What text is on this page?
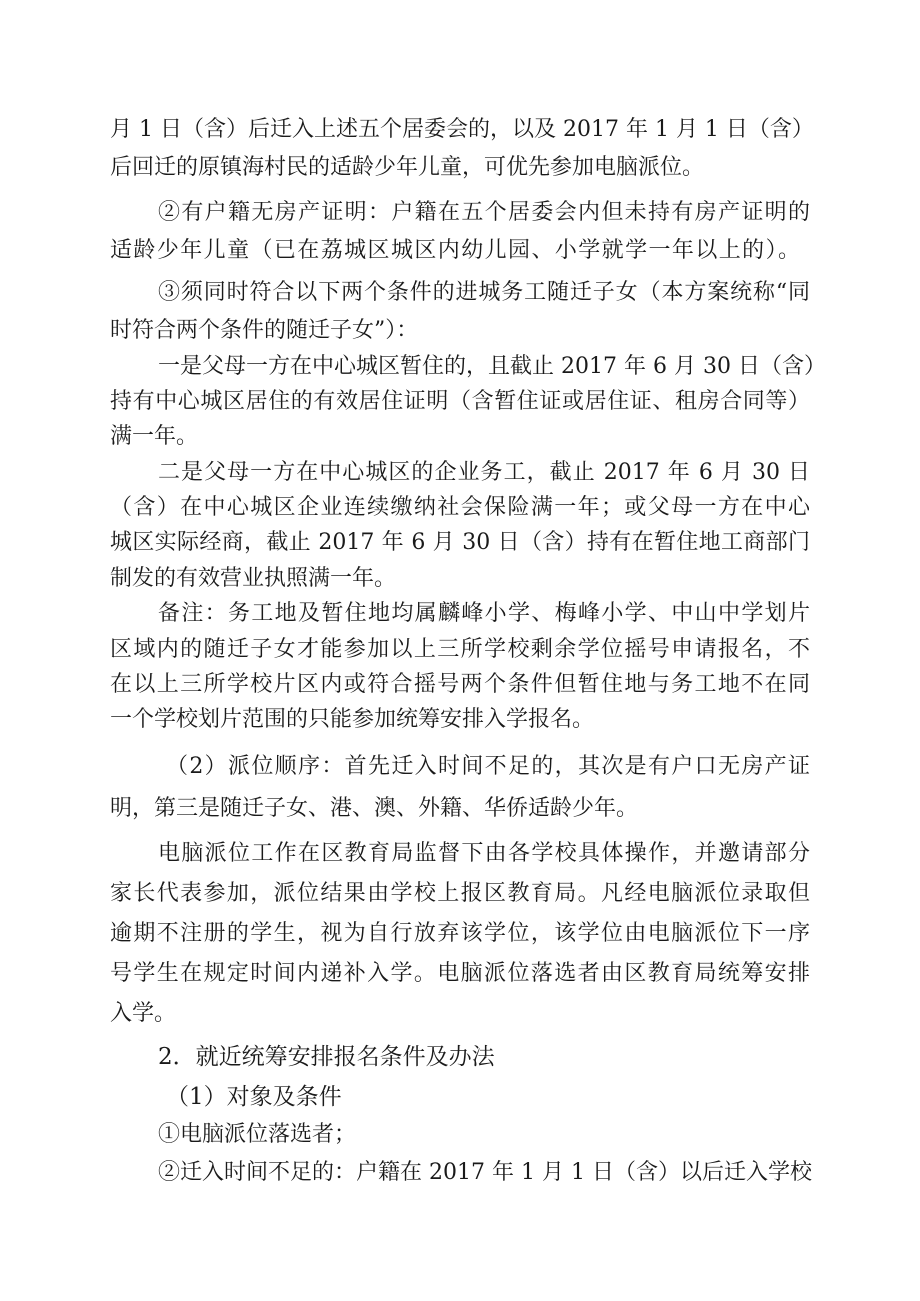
月 1 日（含）后迁入上述五个居委会的，以及 2017 年 1 月 1 日（含）
后回迁的原镇海村民的适龄少年儿童，可优先参加电脑派位。
②有户籍无房产证明：户籍在五个居委会内但未持有房产证明的
适龄少年儿童（已在荔城区城区内幼儿园、小学就学一年以上的）。
③须同时符合以下两个条件的进城务工随迁子女（本方案统称“同
时符合两个条件的随迁子女”）：
一是父母一方在中心城区暂住的，且截止 2017 年 6 月 30 日（含）
持有中心城区居住的有效居住证明（含暂住证或居住证、租房合同等）
满一年。
二是父母一方在中心城区的企业务工，截止 2017 年 6 月 30 日
（含）在中心城区企业连续缴纳社会保险满一年；或父母一方在中心
城区实际经商，截止 2017 年 6 月 30 日（含）持有在暂住地工商部门
制发的有效营业执照满一年。
备注：务工地及暂住地均属麟峰小学、梅峰小学、中山中学划片
区域内的随迁子女才能参加以上三所学校剩余学位摇号申请报名，不
在以上三所学校片区内或符合摇号两个条件但暂住地与务工地不在同
一个学校划片范围的只能参加统筹安排入学报名。
（2）派位顺序：首先迁入时间不足的，其次是有户口无房产证
明，第三是随迁子女、港、澳、外籍、华侨适龄少年。
电脑派位工作在区教育局监督下由各学校具体操作，并邀请部分
家长代表参加，派位结果由学校上报区教育局。凡经电脑派位录取但
逾期不注册的学生，视为自行放弃该学位，该学位由电脑派位下一序
号学生在规定时间内递补入学。电脑派位落选者由区教育局统筹安排
入学。
2．就近统筹安排报名条件及办法
（1）对象及条件
①电脑派位落选者；
②迁入时间不足的：户籍在 2017 年 1 月 1 日（含）以后迁入学校
